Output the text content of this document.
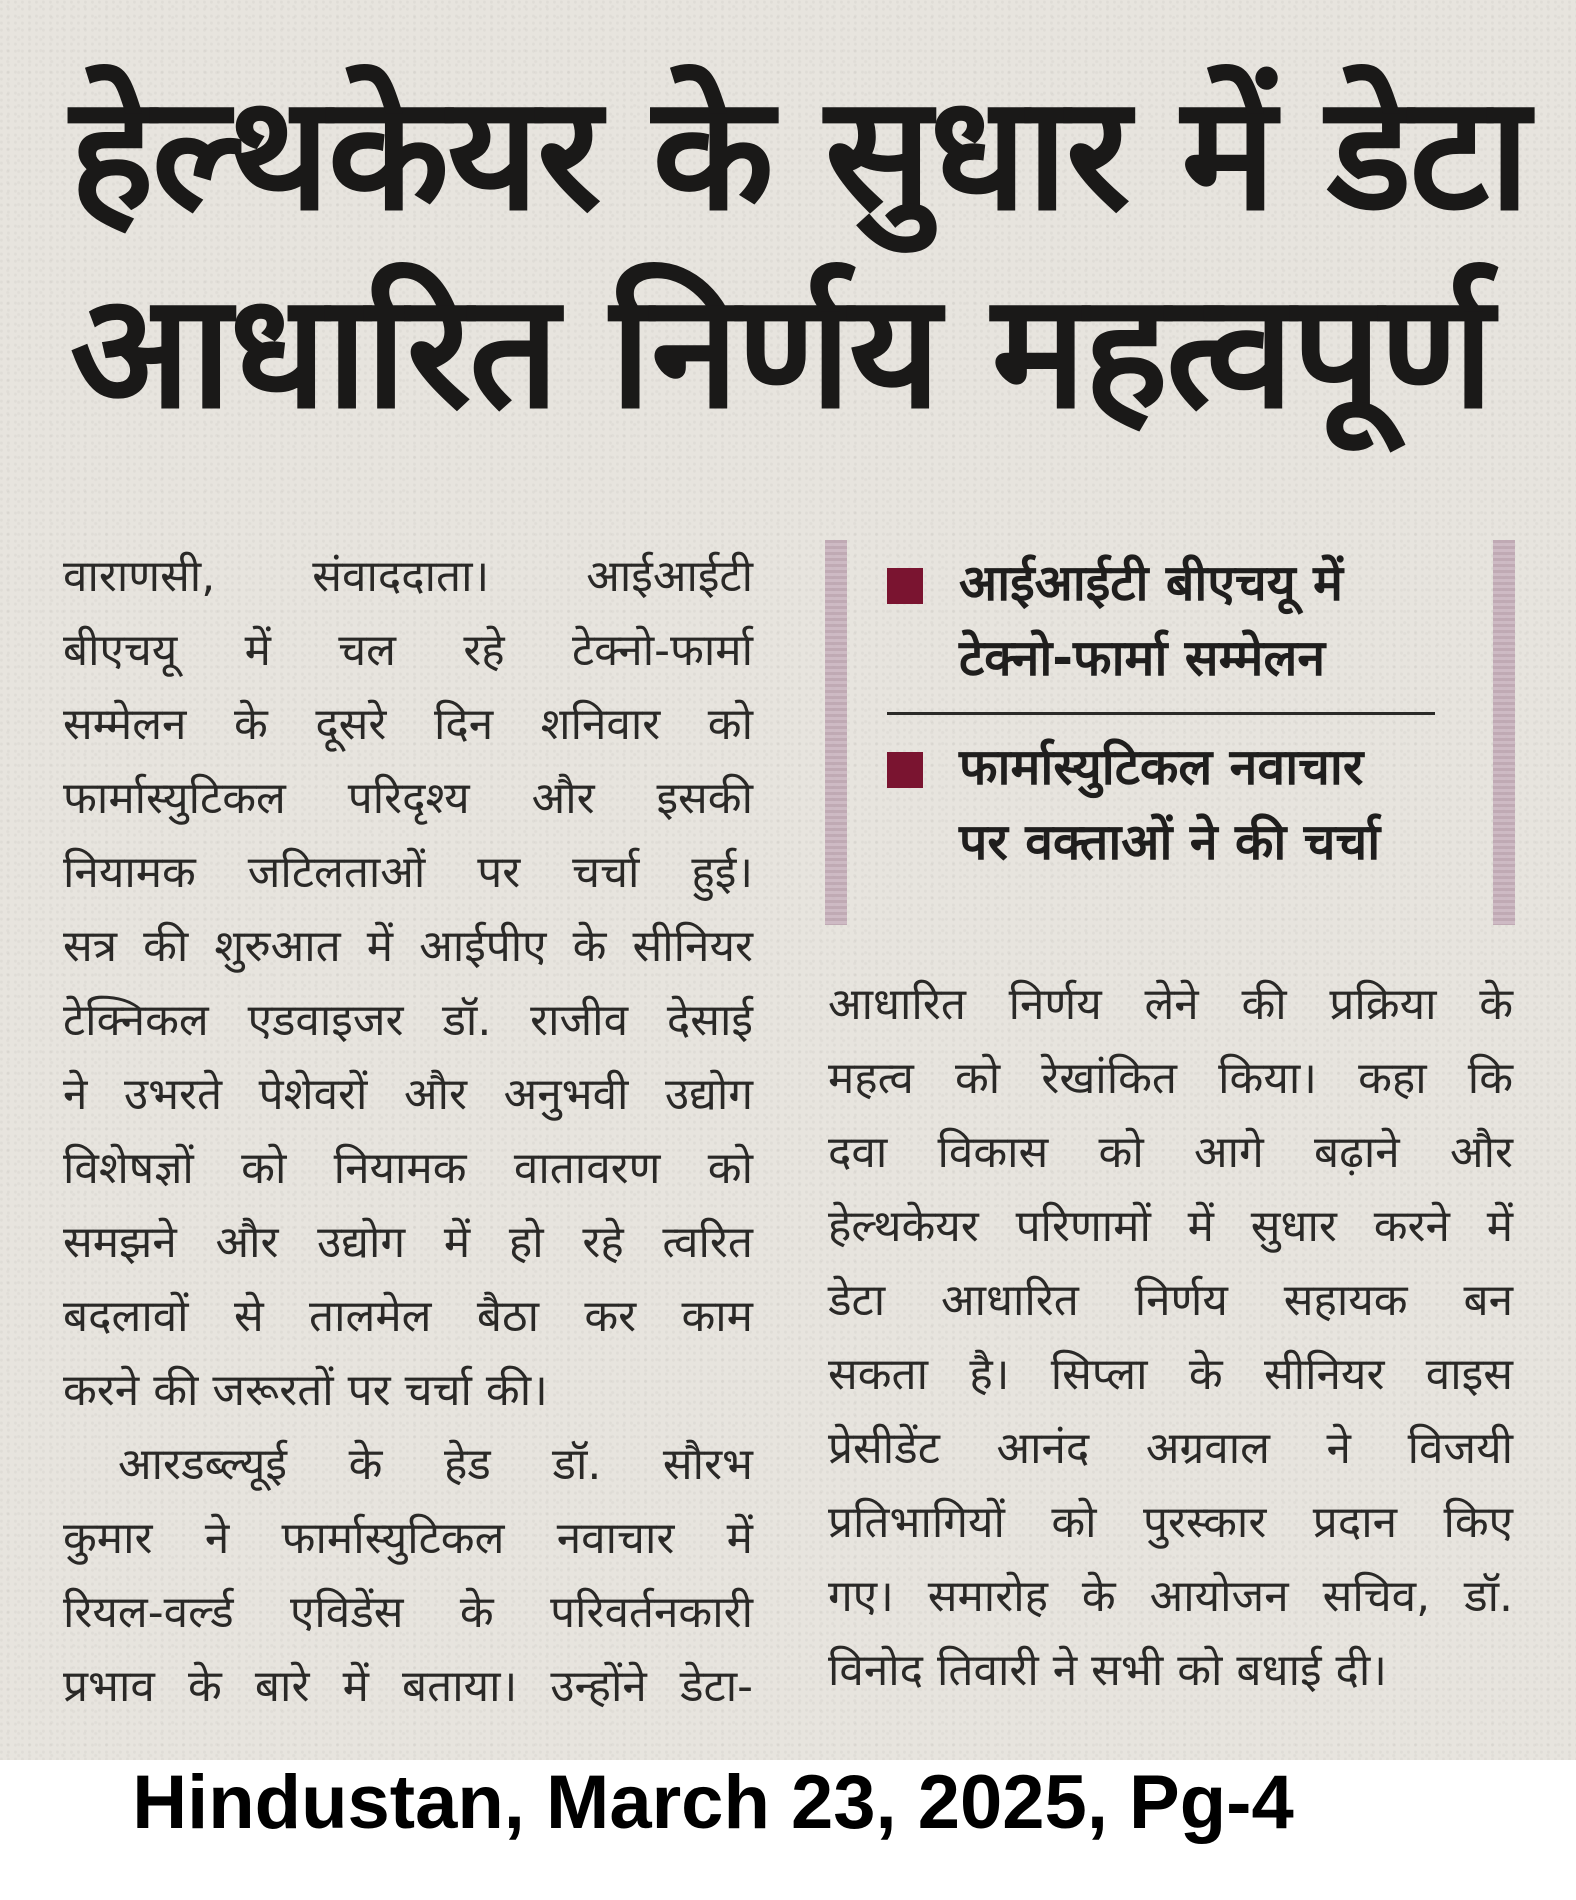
हेल्थकेयर के सुधार में डेटा
आधारित निर्णय महत्वपूर्ण
वाराणसी, संवाददाता। आईआईटी
बीएचयू में चल रहे टेक्नो-फार्मा
सम्मेलन के दूसरे दिन शनिवार को
फार्मास्युटिकल परिदृश्य और इसकी
नियामक जटिलताओं पर चर्चा हुई।
सत्र की शुरुआत में आईपीए के सीनियर
टेक्निकल एडवाइजर डॉ. राजीव देसाई
ने उभरते पेशेवरों और अनुभवी उद्योग
विशेषज्ञों को नियामक वातावरण को
समझने और उद्योग में हो रहे त्वरित
बदलावों से तालमेल बैठा कर काम
करने की जरूरतों पर चर्चा की।
आरडब्ल्यूई के हेड डॉ. सौरभ
कुमार ने फार्मास्युटिकल नवाचार में
रियल-वर्ल्ड एविडेंस के परिवर्तनकारी
प्रभाव के बारे में बताया। उन्होंने डेटा-
आईआईटी बीएचयू में
टेक्नो-फार्मा सम्मेलन
फार्मास्युटिकल नवाचार
पर वक्ताओं ने की चर्चा
आधारित निर्णय लेने की प्रक्रिया के
महत्व को रेखांकित किया। कहा कि
दवा विकास को आगे बढ़ाने और
हेल्थकेयर परिणामों में सुधार करने में
डेटा आधारित निर्णय सहायक बन
सकता है। सिप्ला के सीनियर वाइस
प्रेसीडेंट आनंद अग्रवाल ने विजयी
प्रतिभागियों को पुरस्कार प्रदान किए
गए। समारोह के आयोजन सचिव, डॉ.
विनोद तिवारी ने सभी को बधाई दी।
Hindustan, March 23, 2025, Pg-4
